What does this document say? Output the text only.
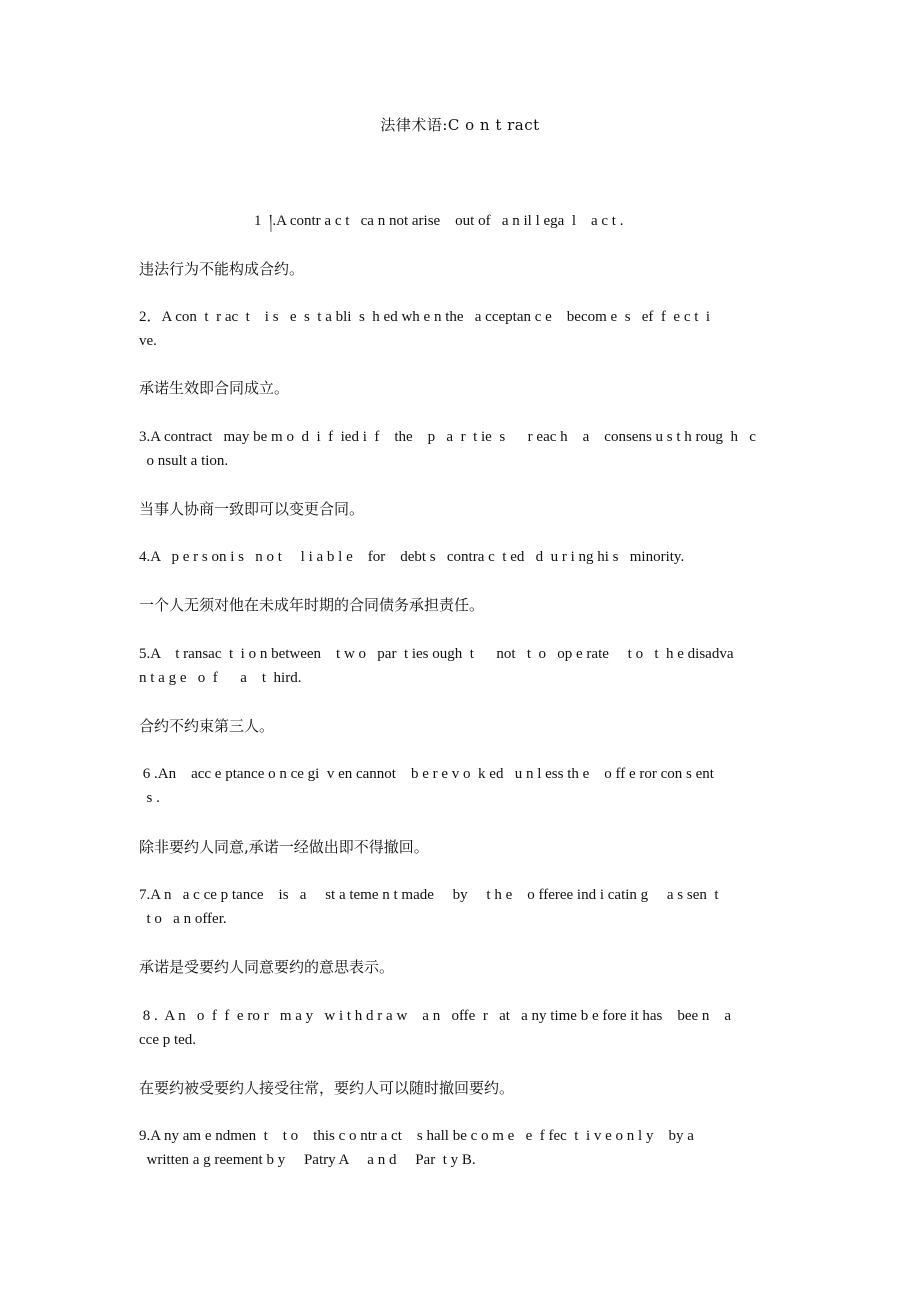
法律术语:C o n t ract
1  །.A contr a c t   ca n not arise    out of   a n il l ega  l    a c t .
违法行为不能构成合约。
2．A con  t  r ac  t    i s   e  s  t a bli  s  h ed wh e n the   a cceptan c e    becom e  s   ef  f  e c t  i
ve.
承诺生效即合同成立。
3.A contract   may be m o  d  i  f  ied i  f    the    p   a  r  t ie  s      r eac h    a    consens u s t h roug  h   c
o nsult a tion.
当事人协商一致即可以变更合同。
4.A   p e r s on i s   n o t     l i a b l e    for    debt s   contra c  t ed   d  u r i ng hi s   minority.
一个人无须对他在未成年时期的合同债务承担责任。
5.A    t ransac  t  i o n between    t w o   par  t ies ough  t      not   t  o   op e rate     t o   t  h e disadva
n t a g e   o  f      a    t  hird.
合约不约束第三人。
6 .An    acc e ptance o n ce gi  v en cannot    b e r e v o  k ed   u n l ess th e    o ff e ror con s ent
s .
除非要约人同意,承诺一经做出即不得撤回。
7.A n   a c ce p tance    is   a     st a teme n t made     by     t h e    o fferee ind i catin g     a s sen  t
t o   a n offer.
承诺是受要约人同意要约的意思表示。
8 .  A n   o  f  f  e ro r   m a y   w i t h d r a w    a n   offe  r   at   a ny time b e fore it has    bee n    a
cce p ted.
在要约被受要约人接受往常，要约人可以随时撤回要约。
9.A ny am e ndmen  t    t o    this c o ntr a ct    s hall be c o m e   e  f fec  t  i v e o n l y    by a
written a g reement b y     Patry A     a n d     Par  t y B.
